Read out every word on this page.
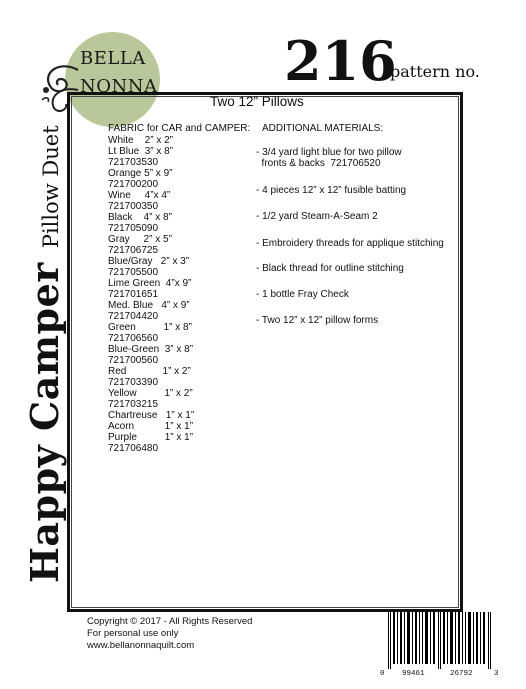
BELLA
NONNA 216
pattern no.
Two 12” Pillows
Happy CamperPillow Duet	FABRIC for CAR and CAMPER:
White    2” x 2”
Lt Blue  3” x 8”
721703530
Orange 5” x 9”
721700200
Wine     4”x 4”
721700350
Black    4” x 8”
721705090
Gray     2” x 5”
721706725
Blue/Gray   2” x 3”
721705500
Lime Green  4”x 9”
721701651
Med. Blue   4” x 9”
721704420
Green          1” x 8”
721706560
Blue-Green  3” x 8”
721700560
Red             1” x 2”
721703390
Yellow          1” x 2”
721703215
Chartreuse   1” x 1”
Acorn           1” x 1”
Purple          1” x 1”
721706480
ADDITIONAL MATERIALS:
- 3/4 yard light blue for two pillow
fronts & backs  721706520
- 4 pieces 12” x 12” fusible batting
- 1/2 yard Steam-A-Seam 2
- Embroidery threads for applique stitching
- Black thread for outline stitching
- 1 bottle Fray Check
- Two 12” x 12” pillow forms
Copyright © 2017 - All Rights Reserved
For personal use only
www.bellanonnaquilt.com
0 99461	26792	3
